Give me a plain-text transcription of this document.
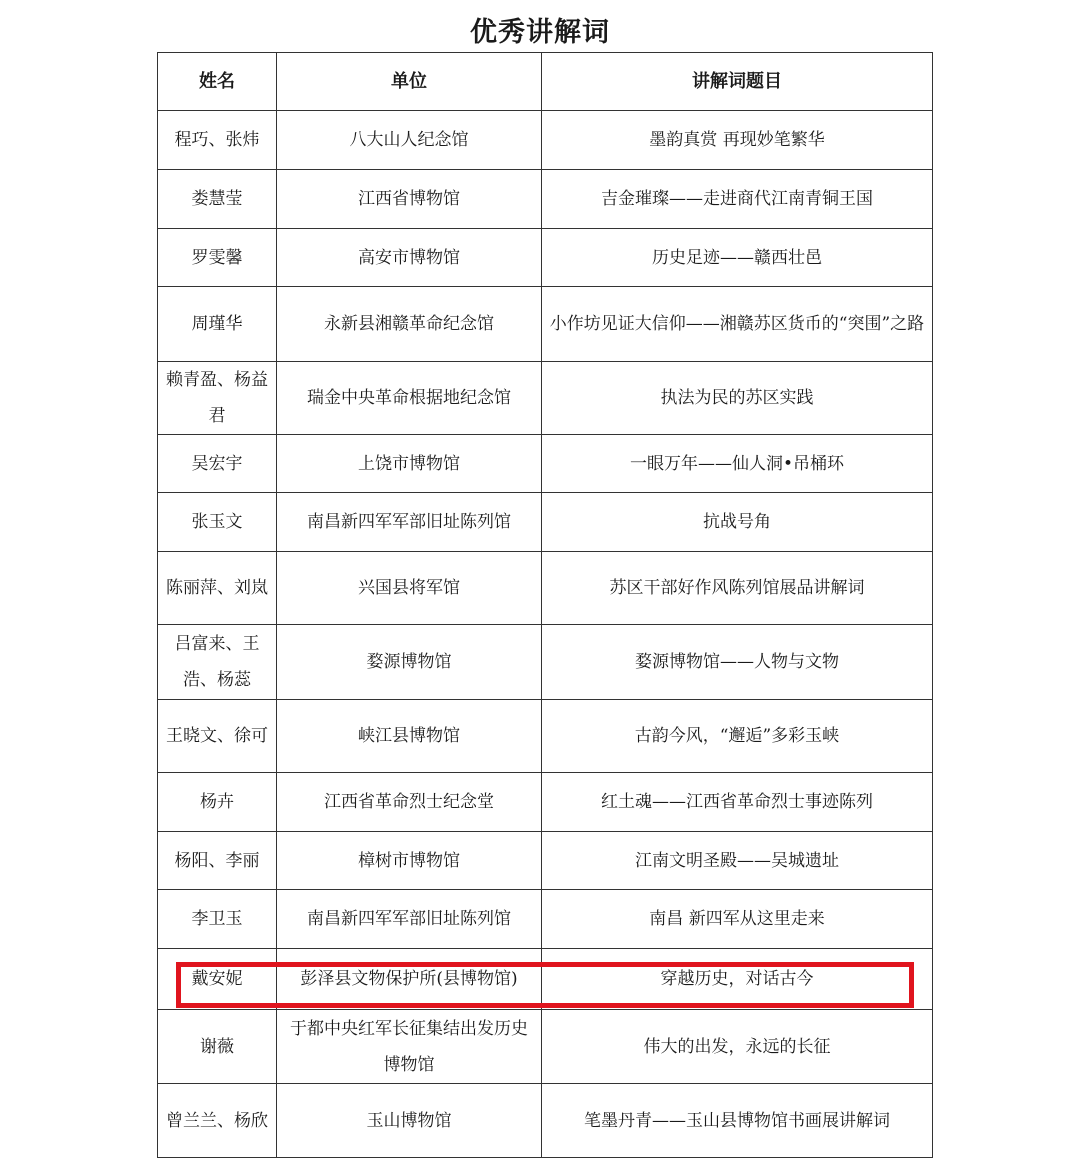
优秀讲解词
姓名	单位	讲解词题目
程巧、张炜	八大山人纪念馆	墨韵真赏 再现妙笔繁华
娄慧莹	江西省博物馆	吉金璀璨——走进商代江南青铜王国
罗雯馨	高安市博物馆	历史足迹——赣西壮邑
周瑾华	永新县湘赣革命纪念馆	小作坊见证大信仰——湘赣苏区货币的“突围”之路
赖青盈、杨益君	瑞金中央革命根据地纪念馆	执法为民的苏区实践
吴宏宇	上饶市博物馆	一眼万年——仙人洞•吊桶环
张玉文	南昌新四军军部旧址陈列馆	抗战号角
陈丽萍、刘岚	兴国县将军馆	苏区干部好作风陈列馆展品讲解词
吕富来、王浩、杨蕊	婺源博物馆	婺源博物馆——人物与文物
王晓文、徐可	峡江县博物馆	古韵今风，“邂逅”多彩玉峡
杨卉	江西省革命烈士纪念堂	红土魂——江西省革命烈士事迹陈列
杨阳、李丽	樟树市博物馆	江南文明圣殿——吴城遗址
李卫玉	南昌新四军军部旧址陈列馆	南昌 新四军从这里走来
戴安妮	彭泽县文物保护所(县博物馆)	穿越历史，对话古今
谢薇	于都中央红军长征集结出发历史博物馆	伟大的出发，永远的长征
曾兰兰、杨欣	玉山博物馆	笔墨丹青——玉山县博物馆书画展讲解词
